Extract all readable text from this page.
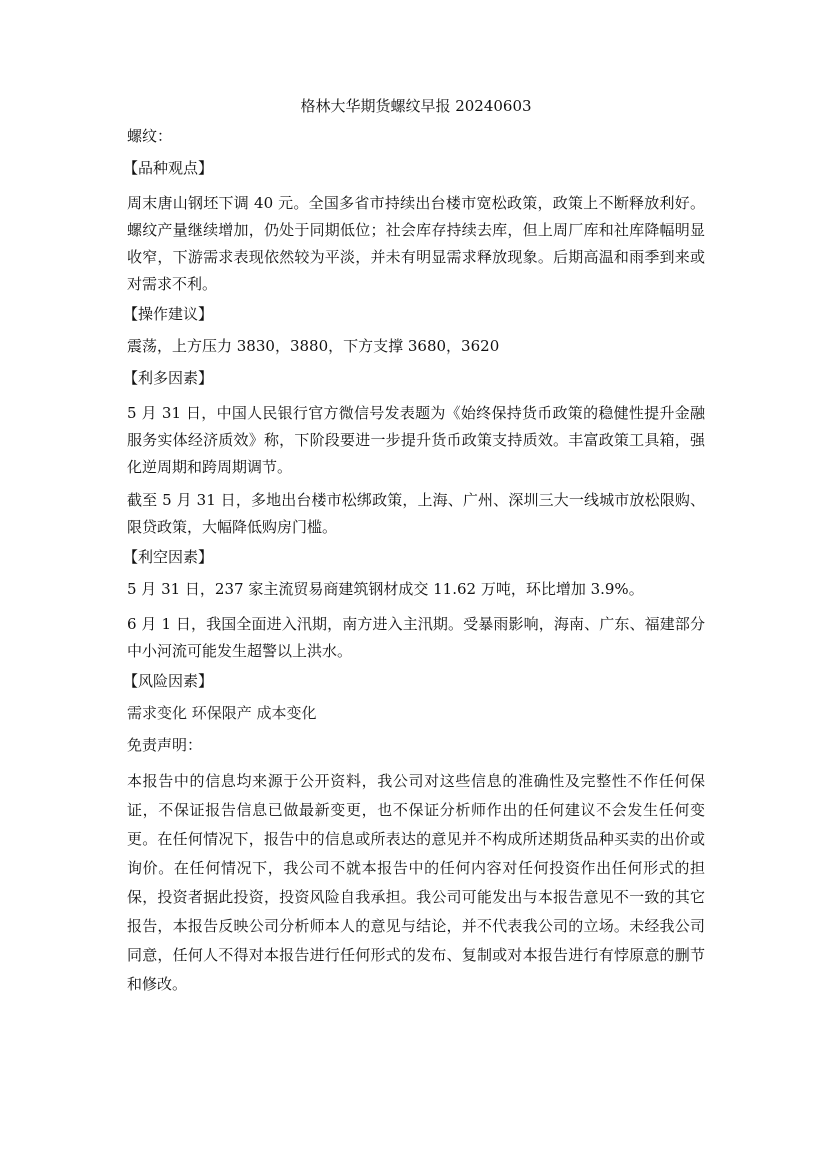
格林大华期货螺纹早报 20240603
螺纹：
【品种观点】
周末唐山钢坯下调 40 元。全国多省市持续出台楼市宽松政策，政策上不断释放利好。螺纹产量继续增加，仍处于同期低位；社会库存持续去库，但上周厂库和社库降幅明显收窄，下游需求表现依然较为平淡，并未有明显需求释放现象。后期高温和雨季到来或对需求不利。
【操作建议】
震荡，上方压力 3830，3880，下方支撑 3680，3620
【利多因素】
5 月 31 日，中国人民银行官方微信号发表题为《始终保持货币政策的稳健性提升金融服务实体经济质效》称，下阶段要进一步提升货币政策支持质效。丰富政策工具箱，强化逆周期和跨周期调节。
截至 5 月 31 日，多地出台楼市松绑政策，上海、广州、深圳三大一线城市放松限购、限贷政策，大幅降低购房门槛。
【利空因素】
5 月 31 日，237 家主流贸易商建筑钢材成交 11.62 万吨，环比增加 3.9%。
6 月 1 日，我国全面进入汛期，南方进入主汛期。受暴雨影响，海南、广东、福建部分中小河流可能发生超警以上洪水。
【风险因素】
需求变化 环保限产 成本变化
免责声明：
本报告中的信息均来源于公开资料，我公司对这些信息的准确性及完整性不作任何保证，不保证报告信息已做最新变更，也不保证分析师作出的任何建议不会发生任何变更。在任何情况下，报告中的信息或所表达的意见并不构成所述期货品种买卖的出价或询价。在任何情况下，我公司不就本报告中的任何内容对任何投资作出任何形式的担保，投资者据此投资，投资风险自我承担。我公司可能发出与本报告意见不一致的其它报告，本报告反映公司分析师本人的意见与结论，并不代表我公司的立场。未经我公司同意，任何人不得对本报告进行任何形式的发布、复制或对本报告进行有悖原意的删节和修改。
